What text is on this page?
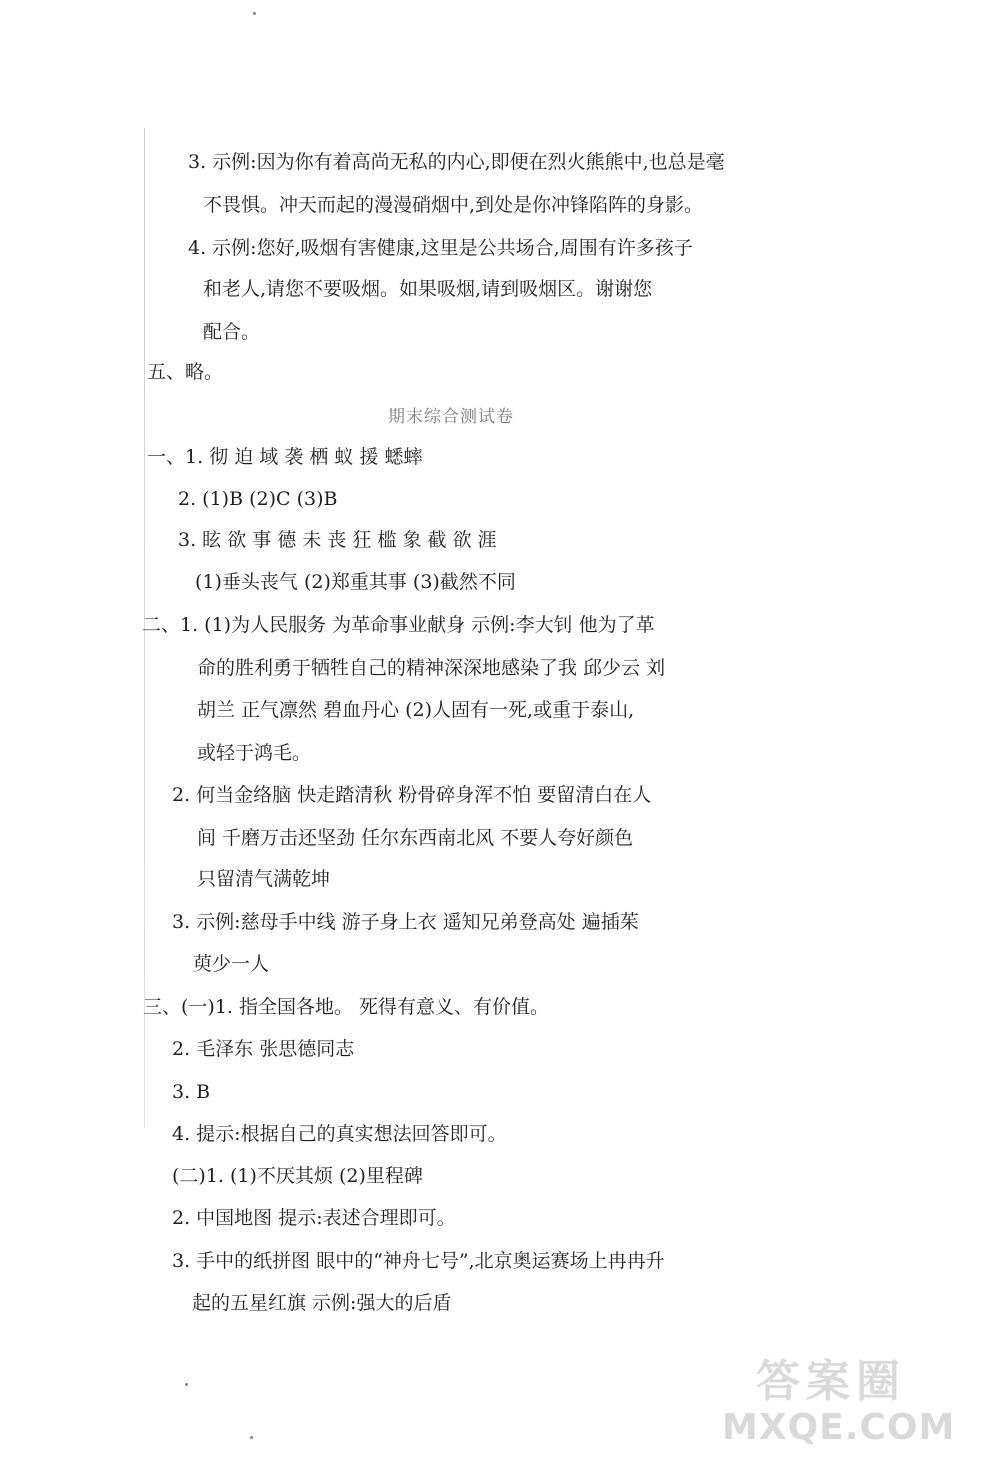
3. 示例:因为你有着高尚无私的内心,即便在烈火熊熊中,也总是毫
不畏惧。冲天而起的漫漫硝烟中,到处是你冲锋陷阵的身影。
4. 示例:您好,吸烟有害健康,这里是公共场合,周围有许多孩子
和老人,请您不要吸烟。如果吸烟,请到吸烟区。谢谢您
配合。
五、略。
期末综合测试卷
一、1. 彻 迫 域 袭 栖 蚁 援 蟋蟀
2. (1)B (2)C (3)B
3. 眩 欲 事 德 未 丧 狂 槛 象 截 欲 涯
(1)垂头丧气 (2)郑重其事 (3)截然不同
二、1. (1)为人民服务 为革命事业献身 示例:李大钊 他为了革
命的胜利勇于牺牲自己的精神深深地感染了我 邱少云 刘
胡兰 正气凛然 碧血丹心 (2)人固有一死,或重于泰山,
或轻于鸿毛。
2. 何当金络脑 快走踏清秋 粉骨碎身浑不怕 要留清白在人
间 千磨万击还坚劲 任尔东西南北风 不要人夸好颜色
只留清气满乾坤
3. 示例:慈母手中线 游子身上衣 遥知兄弟登高处 遍插茱
萸少一人
三、(一)1. 指全国各地。 死得有意义、有价值。
2. 毛泽东 张思德同志
3. B
4. 提示:根据自己的真实想法回答即可。
(二)1. (1)不厌其烦 (2)里程碑
2. 中国地图 提示:表述合理即可。
3. 手中的纸拼图 眼中的“神舟七号”,北京奥运赛场上冉冉升
起的五星红旗 示例:强大的后盾
答案圈
MXQE.COM
